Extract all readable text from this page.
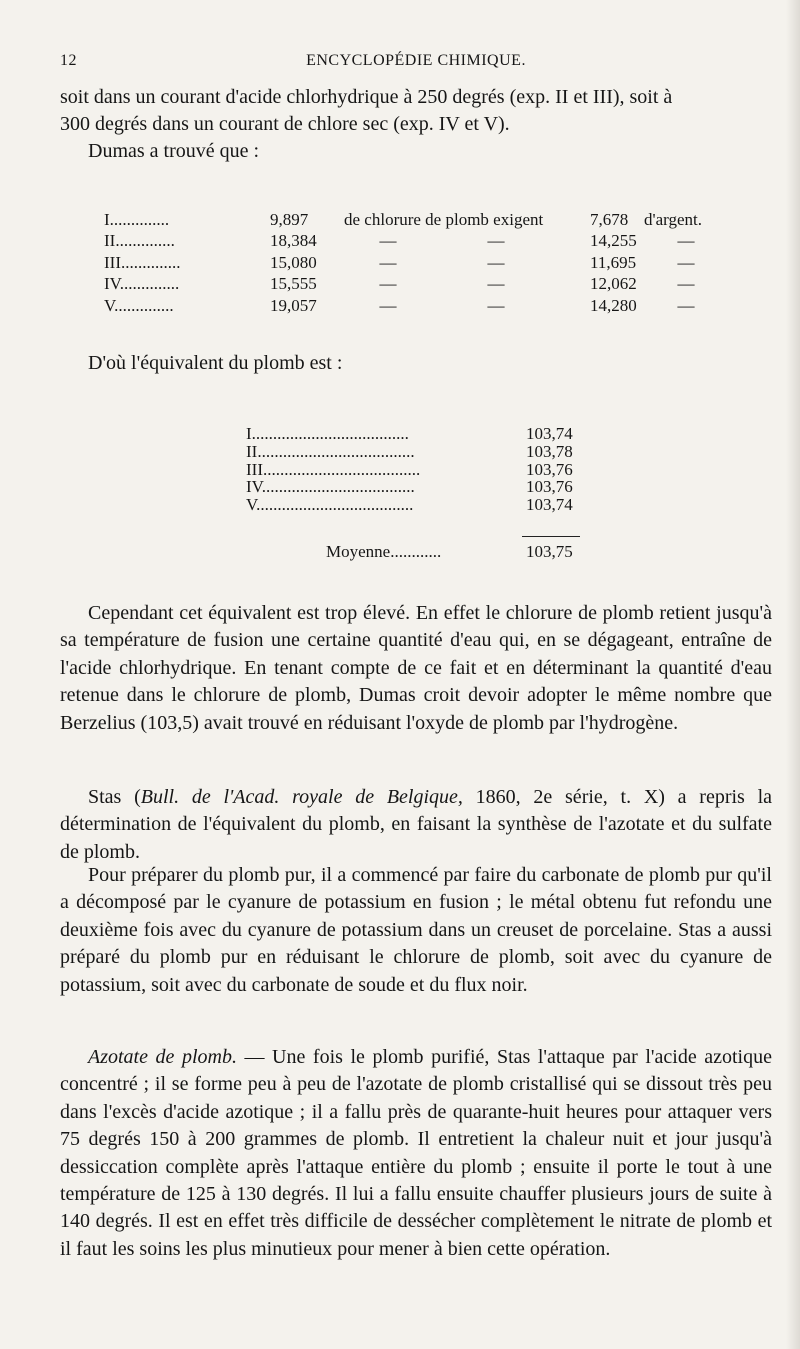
12	ENCYCLOPÉDIE CHIMIQUE.
soit dans un courant d'acide chlorhydrique à 250 degrés (exp. II et III), soit à
300 degrés dans un courant de chlore sec (exp. IV et V).
Dumas a trouvé que :
I..............	9,897 de chlorure de plomb exigent	7,678 d'argent.
II..............	18,384	—	—	14,255 —
III..............	15,080	—	—	11,695 —
IV..............	15,555	—	—	12,062 —
V..............	19,057	—	—	14,280 —
D'où l'équivalent du plomb est :
I.....................................	103,74
II.....................................	103,78
III.....................................	103,76
IV....................................	103,76
V.....................................	103,74
Moyenne............	103,75

Cependant cet équivalent est trop élevé. En effet le chlorure de plomb retient jusqu'à sa température de fusion une certaine quantité d'eau qui, en se dégageant, entraîne de l'acide chlorhydrique. En tenant compte de ce fait et en déterminant la quantité d'eau retenue dans le chlorure de plomb, Dumas croit devoir adopter le même nombre que Berzelius (103,5) avait trouvé en réduisant l'oxyde de plomb par l'hydrogène.

Stas (Bull. de l'Acad. royale de Belgique, 1860, 2e série, t. X) a repris la détermination de l'équivalent du plomb, en faisant la synthèse de l'azotate et du sulfate de plomb.

Pour préparer du plomb pur, il a commencé par faire du carbonate de plomb pur qu'il a décomposé par le cyanure de potassium en fusion ; le métal obtenu fut refondu une deuxième fois avec du cyanure de potassium dans un creuset de porcelaine. Stas a aussi préparé du plomb pur en réduisant le chlorure de plomb, soit avec du cyanure de potassium, soit avec du carbonate de soude et du flux noir.

Azotate de plomb. — Une fois le plomb purifié, Stas l'attaque par l'acide azotique concentré ; il se forme peu à peu de l'azotate de plomb cristallisé qui se dissout très peu dans l'excès d'acide azotique ; il a fallu près de quarante-huit heures pour attaquer vers 75 degrés 150 à 200 grammes de plomb. Il entretient la chaleur nuit et jour jusqu'à dessiccation complète après l'attaque entière du plomb ; ensuite il porte le tout à une température de 125 à 130 degrés. Il lui a fallu ensuite chauffer plusieurs jours de suite à 140 degrés. Il est en effet très difficile de dessécher complètement le nitrate de plomb et il faut les soins les plus minutieux pour mener à bien cette opération.
